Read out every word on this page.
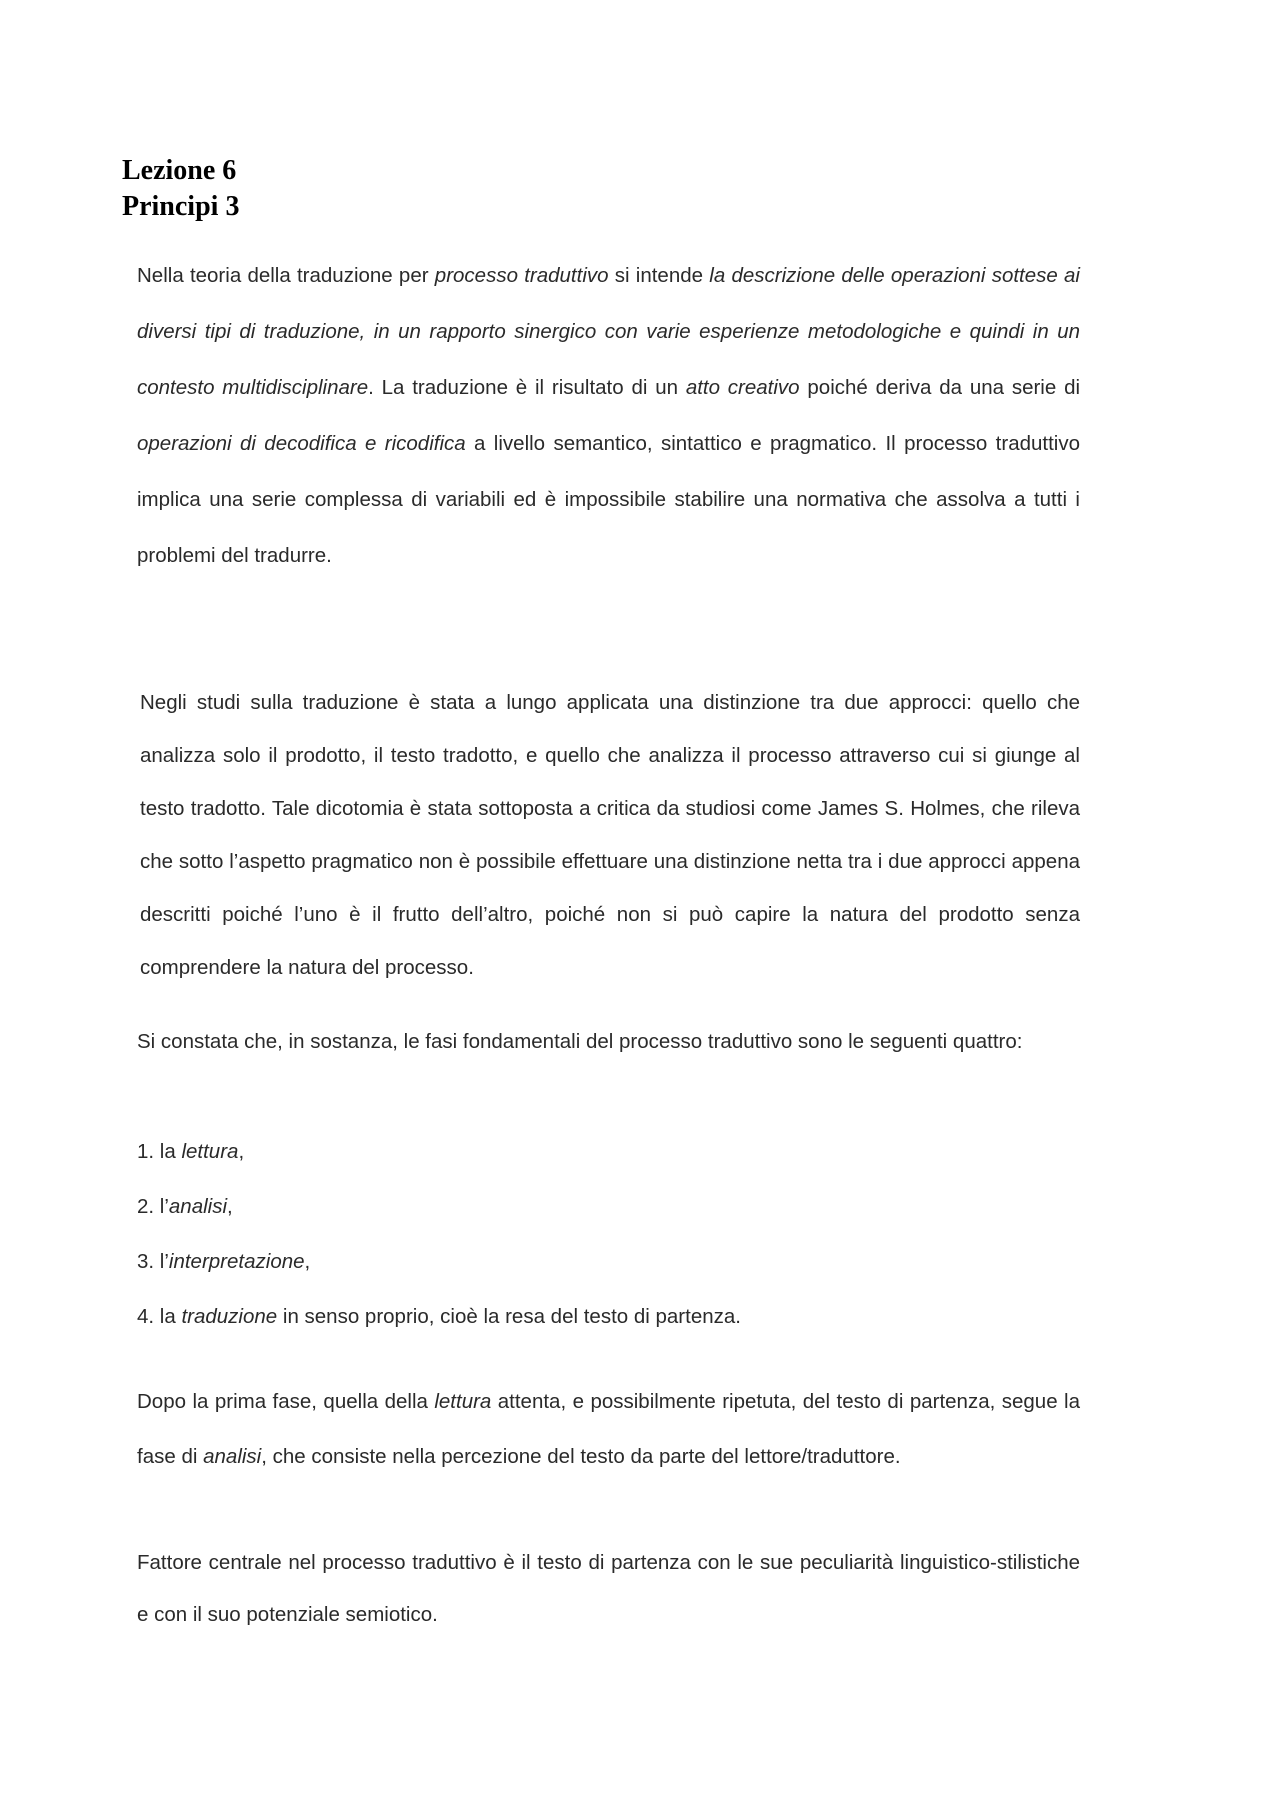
Lezione 6
Principi 3

Nella teoria della traduzione per processo traduttivo si intende la descrizione delle operazioni sottese ai diversi tipi di traduzione, in un rapporto sinergico con varie esperienze metodologiche e quindi in un contesto multidisciplinare. La traduzione è il risultato di un atto creativo poiché deriva da una serie di operazioni di decodifica e ricodifica a livello semantico, sintattico e pragmatico. Il processo traduttivo implica una serie complessa di variabili ed è impossibile stabilire una normativa che assolva a tutti i problemi del tradurre.

Negli studi sulla traduzione è stata a lungo applicata una distinzione tra due approcci: quello che analizza solo il prodotto, il testo tradotto, e quello che analizza il processo attraverso cui si giunge al testo tradotto. Tale dicotomia è stata sottoposta a critica da studiosi come James S. Holmes, che rileva che sotto l’aspetto pragmatico non è possibile effettuare una distinzione netta tra i due approcci appena descritti poiché l’uno è il frutto dell’altro, poiché non si può capire la natura del prodotto senza comprendere la natura del processo.

Si constata che, in sostanza, le fasi fondamentali del processo traduttivo sono le seguenti quattro:

1. la lettura,

2. l’analisi,

3. l’interpretazione,

4. la traduzione in senso proprio, cioè la resa del testo di partenza.

Dopo la prima fase, quella della lettura attenta, e possibilmente ripetuta, del testo di partenza, segue la fase di analisi, che consiste nella percezione del testo da parte del lettore/traduttore.

Fattore centrale nel processo traduttivo è il testo di partenza con le sue peculiarità linguistico-stilistiche e con il suo potenziale semiotico.
